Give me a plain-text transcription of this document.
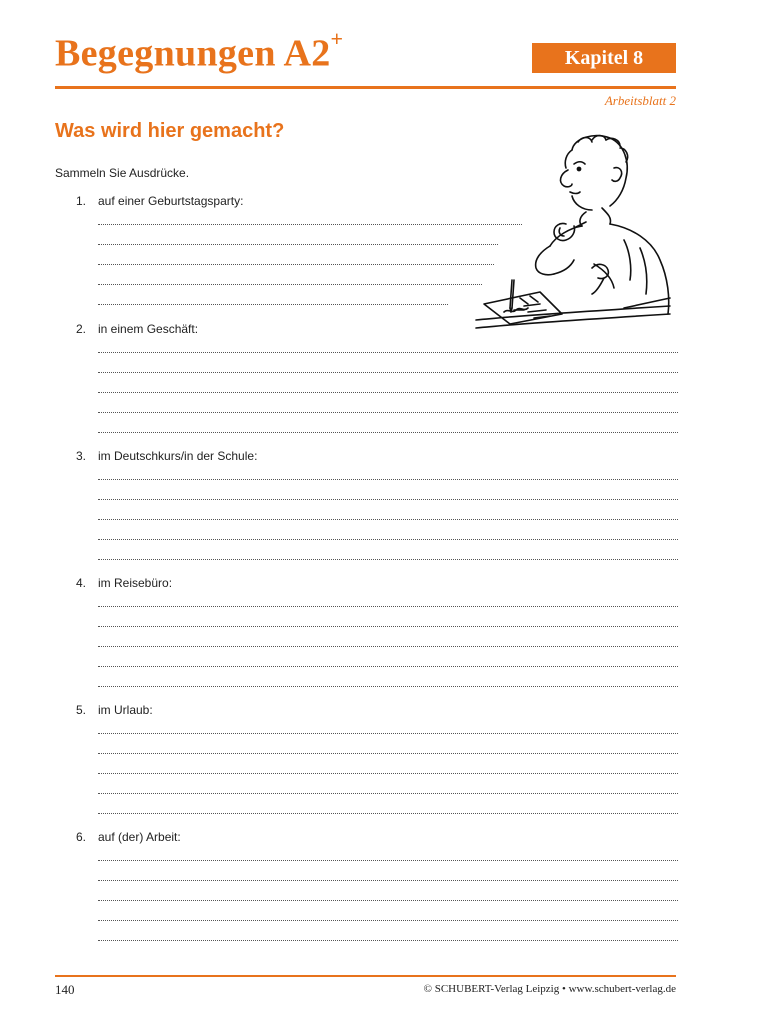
Begegnungen A2+
Kapitel 8
Arbeitsblatt 2
Was wird hier gemacht?
Sammeln Sie Ausdrücke.
1. auf einer Geburtstagsparty:
2. in einem Geschäft:
3. im Deutschkurs/in der Schule:
4. im Reisebüro:
5. im Urlaub:
6. auf (der) Arbeit:
140	© SCHUBERT-Verlag Leipzig • www.schubert-verlag.de
